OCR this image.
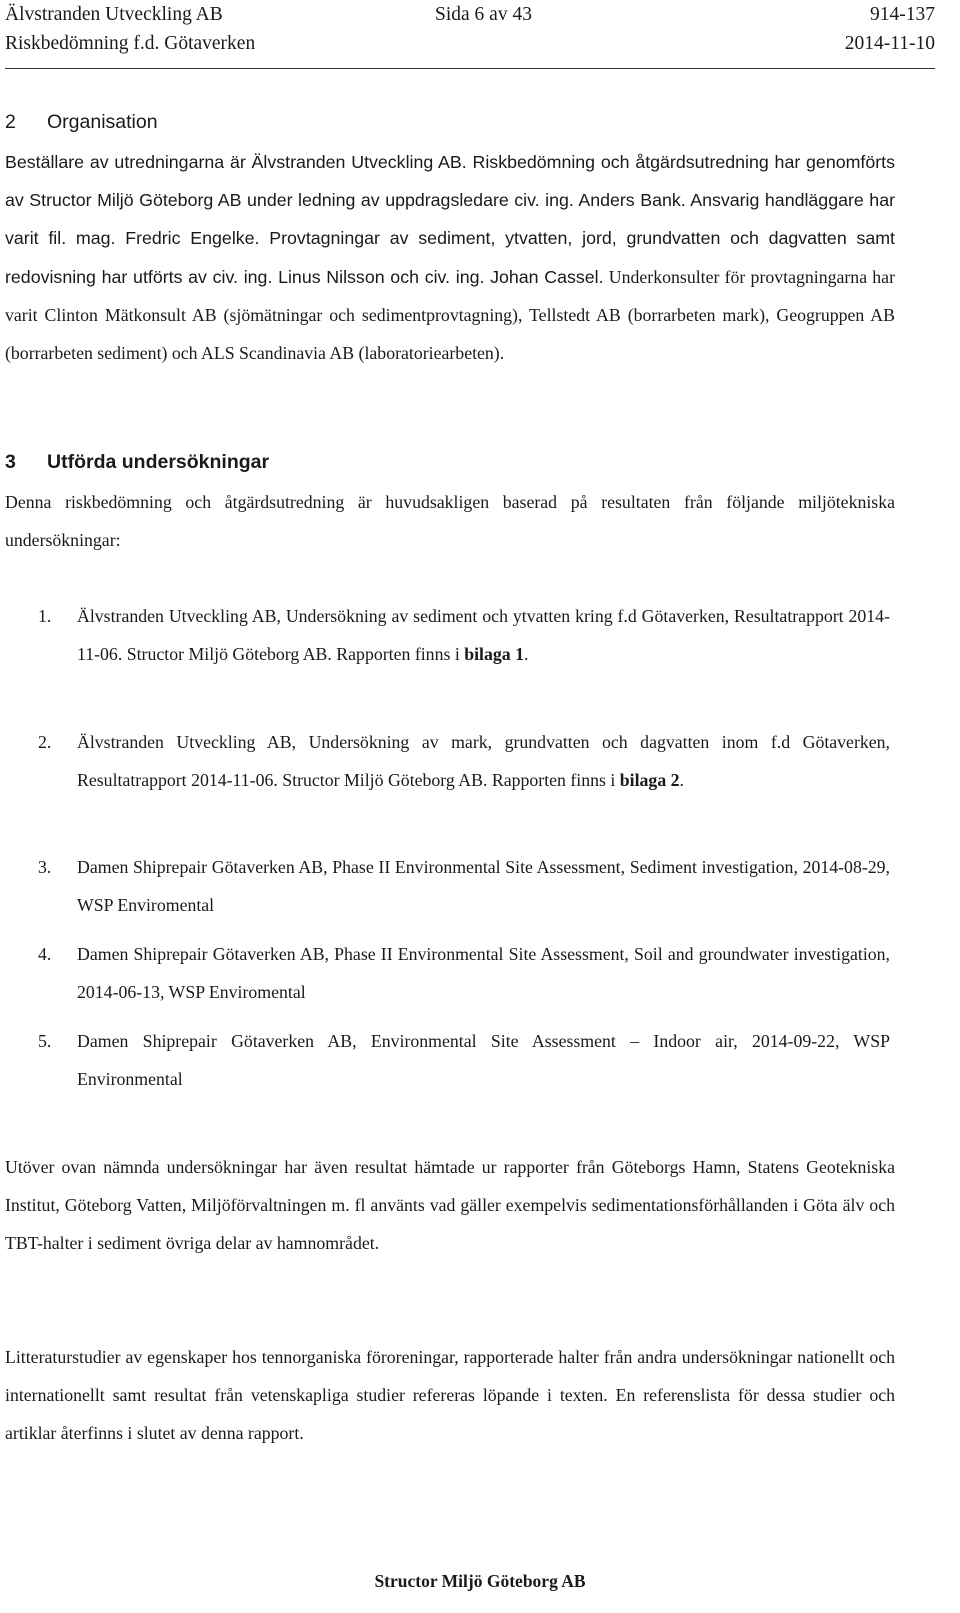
Älvstranden Utveckling AB	Sida 6 av 43	914-137
Riskbedömning f.d. Götaverken	2014-11-10
2 Organisation

Beställare av utredningarna är Älvstranden Utveckling AB. Riskbedömning och åtgärdsutredning har genomförts av Structor Miljö Göteborg AB under ledning av uppdragsledare civ. ing. Anders Bank. Ansvarig handläggare har varit fil. mag. Fredric Engelke. Provtagningar av sediment, ytvatten, jord, grundvatten och dagvatten samt redovisning har utförts av civ. ing. Linus Nilsson och civ. ing. Johan Cassel. Underkonsulter för provtagningarna har varit Clinton Mätkonsult AB (sjömätningar och sedimentprovtagning), Tellstedt AB (borrarbeten mark), Geogruppen AB (borrarbeten sediment) och ALS Scandinavia AB (laboratoriearbeten).

3 Utförda undersökningar

Denna riskbedömning och åtgärdsutredning är huvudsakligen baserad på resultaten från följande miljötekniska undersökningar:

1. Älvstranden Utveckling AB, Undersökning av sediment och ytvatten kring f.d Götaverken, Resultatrapport 2014-11-06. Structor Miljö Göteborg AB. Rapporten finns i bilaga 1.
2. Älvstranden Utveckling AB, Undersökning av mark, grundvatten och dagvatten inom f.d Götaverken, Resultatrapport 2014-11-06. Structor Miljö Göteborg AB. Rapporten finns i bilaga 2.
3. Damen Shiprepair Götaverken AB, Phase II Environmental Site Assessment, Sediment investigation, 2014-08-29, WSP Enviromental
4. Damen Shiprepair Götaverken AB, Phase II Environmental Site Assessment, Soil and groundwater investigation, 2014-06-13, WSP Enviromental
5. Damen Shiprepair Götaverken AB, Environmental Site Assessment – Indoor air, 2014-09-22, WSP Environmental

Utöver ovan nämnda undersökningar har även resultat hämtade ur rapporter från Göteborgs Hamn, Statens Geotekniska Institut, Göteborg Vatten, Miljöförvaltningen m. fl använts vad gäller exempelvis sedimentationsförhållanden i Göta älv och TBT-halter i sediment övriga delar av hamnområdet.

Litteraturstudier av egenskaper hos tennorganiska föroreningar, rapporterade halter från andra undersökningar nationellt och internationellt samt resultat från vetenskapliga studier refereras löpande i texten. En referenslista för dessa studier och artiklar återfinns i slutet av denna rapport.

Structor Miljö Göteborg AB
